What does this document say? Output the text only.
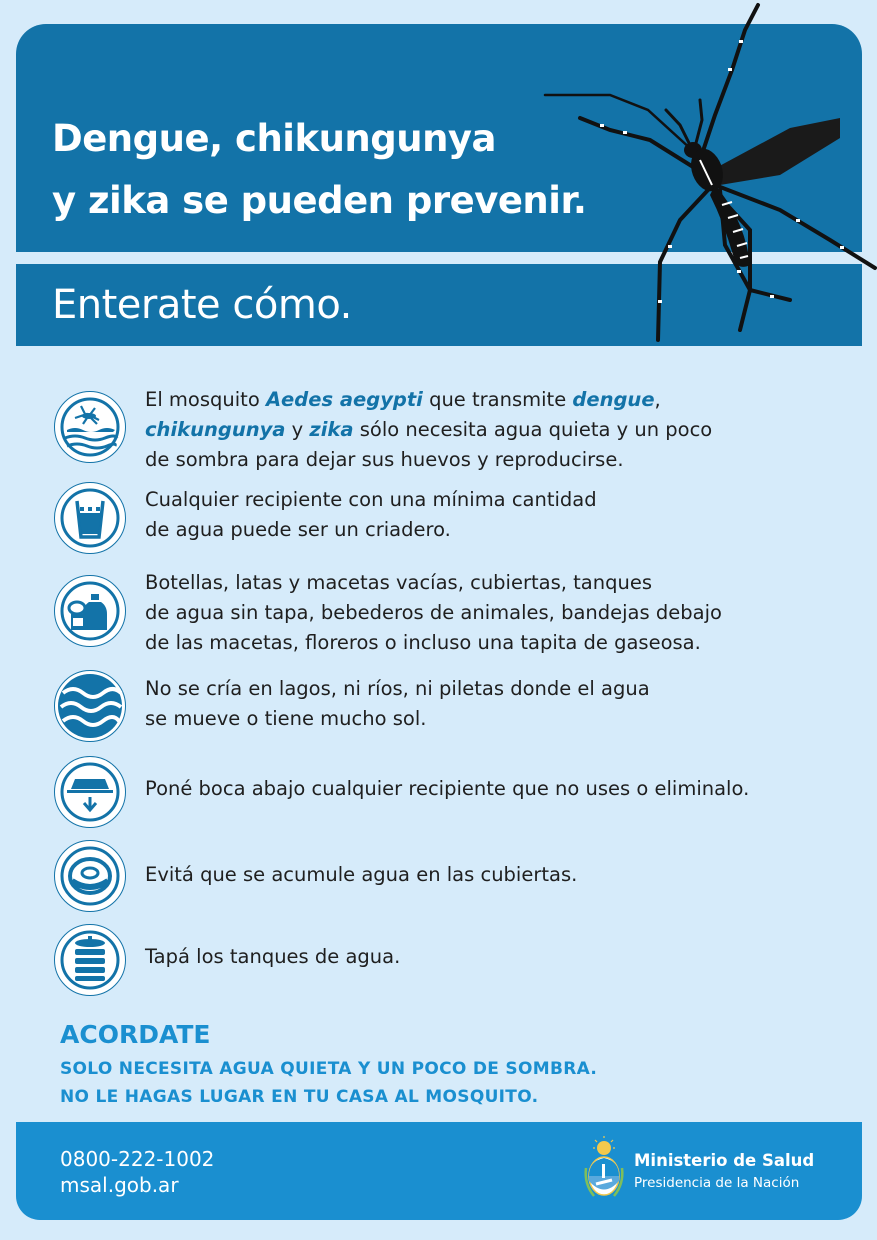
Dengue, chikungunya
y zika se pueden prevenir.
Enterate cómo.

El mosquito Aedes aegypti que transmite dengue,
chikungunya y zika sólo necesita agua quieta y un poco
de sombra para dejar sus huevos y reproducirse.

Cualquier recipiente con una mínima cantidad
de agua puede ser un criadero.

Botellas, latas y macetas vacías, cubiertas, tanques
de agua sin tapa, bebederos de animales, bandejas debajo
de las macetas, floreros o incluso una tapita de gaseosa.

No se cría en lagos, ni ríos, ni piletas donde el agua
se mueve o tiene mucho sol.

Poné boca abajo cualquier recipiente que no uses o eliminalo.

Evitá que se acumule agua en las cubiertas.

Tapá los tanques de agua.

ACORDATE

SOLO NECESITA AGUA QUIETA Y UN POCO DE SOMBRA.

NO LE HAGAS LUGAR EN TU CASA AL MOSQUITO.

0800-222-1002

msal.gob.ar

Ministerio de Salud

Presidencia de la Nación
